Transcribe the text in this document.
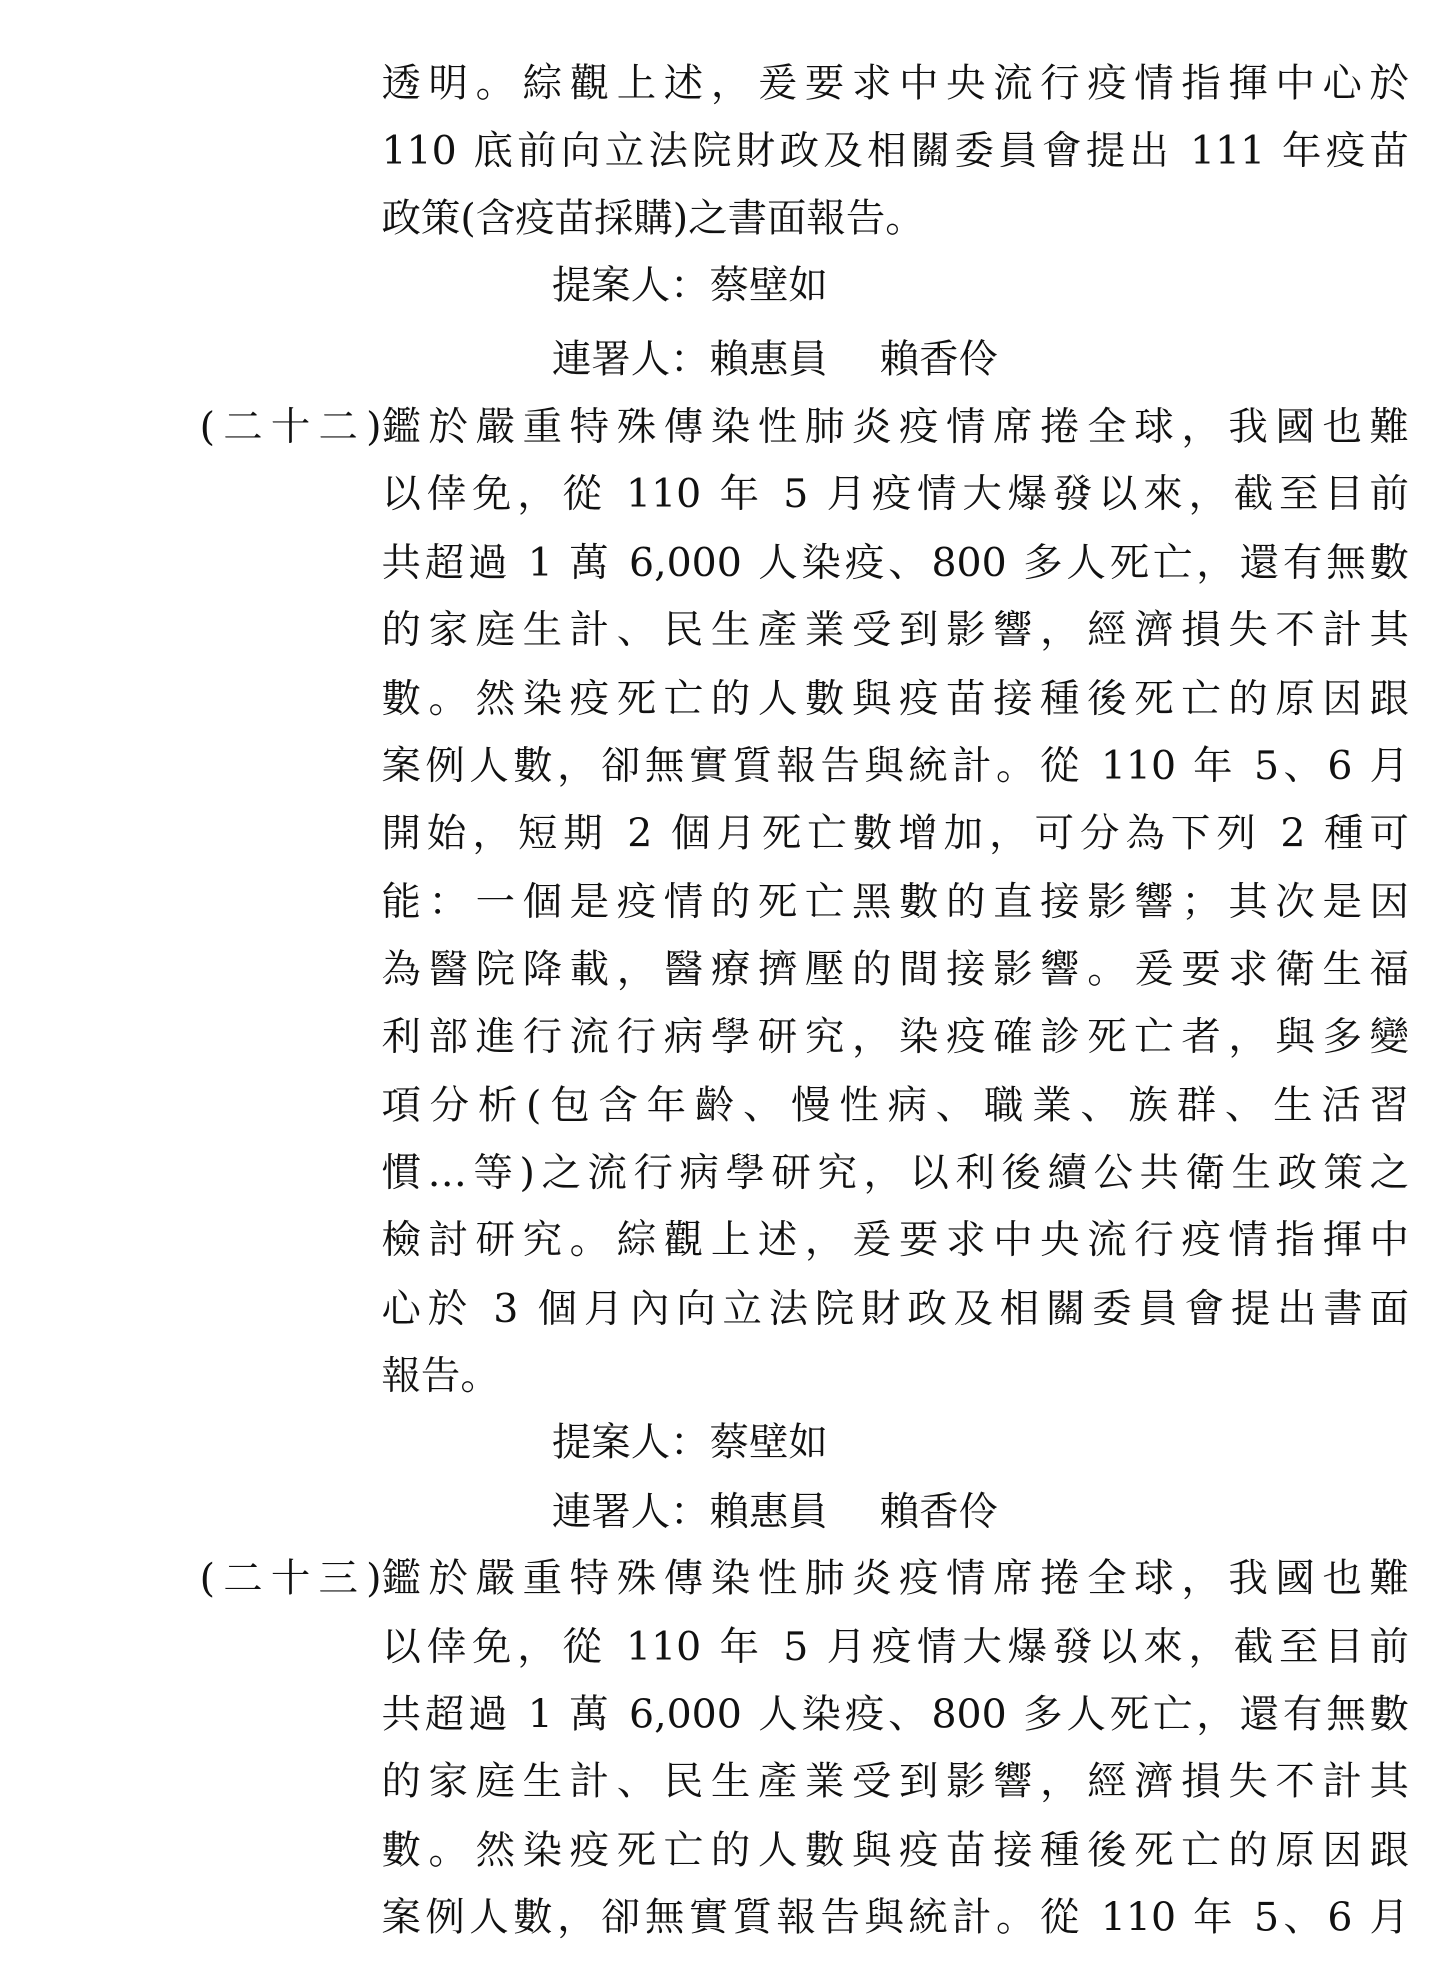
透明。綜觀上述，爰要求中央流行疫情指揮中心於
110 底前向立法院財政及相關委員會提出 111 年疫苗
政策(含疫苗採購)之書面報告。
提案人：蔡壁如
連署人：賴惠員　 賴香伶
(二十二) 鑑於嚴重特殊傳染性肺炎疫情席捲全球，我國也難
以倖免，從 110 年 5 月疫情大爆發以來，截至目前
共超過 1 萬 6,000 人染疫、800 多人死亡，還有無數
的家庭生計、民生產業受到影響，經濟損失不計其
數。然染疫死亡的人數與疫苗接種後死亡的原因跟
案例人數，卻無實質報告與統計。從 110 年 5、6 月
開始，短期 2 個月死亡數增加，可分為下列 2 種可
能：一個是疫情的死亡黑數的直接影響；其次是因
為醫院降載，醫療擠壓的間接影響。爰要求衛生福
利部進行流行病學研究，染疫確診死亡者，與多變
項分析(包含年齡、慢性病、職業、族群、生活習
慣…等)之流行病學研究，以利後續公共衛生政策之
檢討研究。綜觀上述，爰要求中央流行疫情指揮中
心於 3 個月內向立法院財政及相關委員會提出書面
報告。
提案人：蔡壁如
連署人：賴惠員　 賴香伶
(二十三) 鑑於嚴重特殊傳染性肺炎疫情席捲全球，我國也難
以倖免，從 110 年 5 月疫情大爆發以來，截至目前
共超過 1 萬 6,000 人染疫、800 多人死亡，還有無數
的家庭生計、民生產業受到影響，經濟損失不計其
數。然染疫死亡的人數與疫苗接種後死亡的原因跟
案例人數，卻無實質報告與統計。從 110 年 5、6 月
